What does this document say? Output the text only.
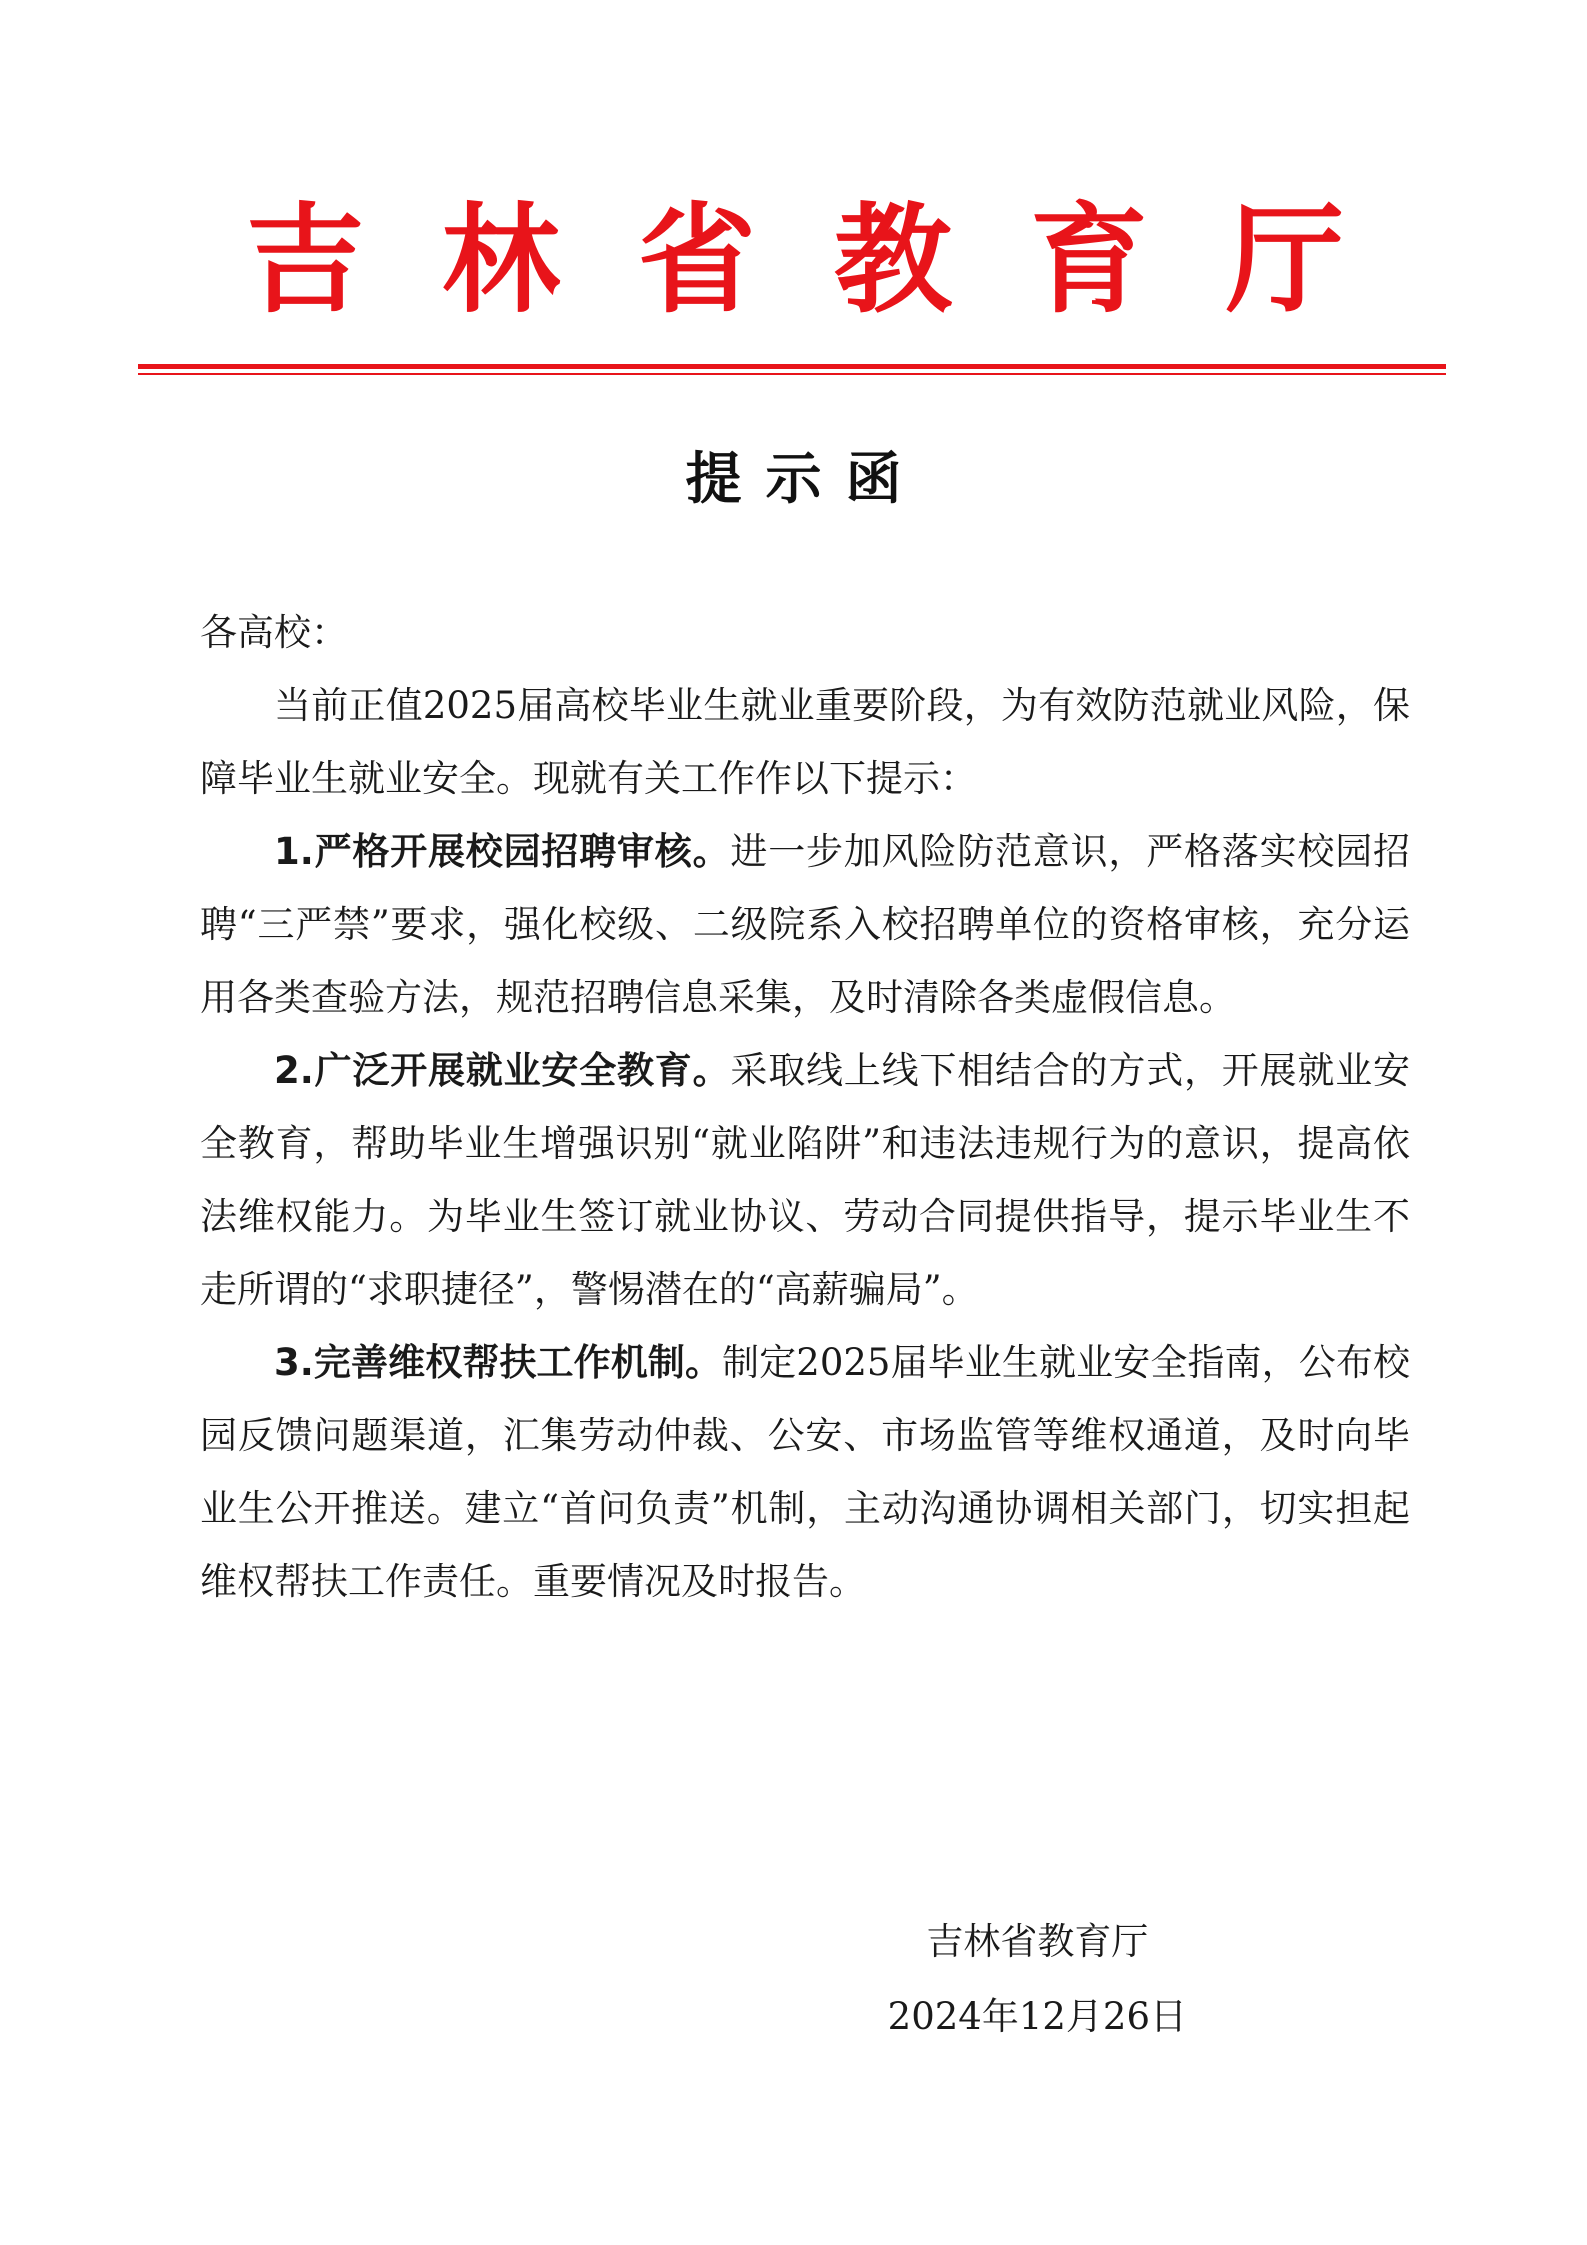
吉林省教育厅
提示函

各高校：

当前正值2025届高校毕业生就业重要阶段，为有效防范就业风险，保障毕业生就业安全。现就有关工作作以下提示：

1.严格开展校园招聘审核。进一步加风险防范意识，严格落实校园招聘“三严禁”要求，强化校级、二级院系入校招聘单位的资格审核，充分运用各类查验方法，规范招聘信息采集，及时清除各类虚假信息。

2.广泛开展就业安全教育。采取线上线下相结合的方式，开展就业安全教育，帮助毕业生增强识别“就业陷阱”和违法违规行为的意识，提高依法维权能力。为毕业生签订就业协议、劳动合同提供指导，提示毕业生不走所谓的“求职捷径”，警惕潜在的“高薪骗局”。

3.完善维权帮扶工作机制。制定2025届毕业生就业安全指南，公布校园反馈问题渠道，汇集劳动仲裁、公安、市场监管等维权通道，及时向毕业生公开推送。建立“首问负责”机制，主动沟通协调相关部门，切实担起维权帮扶工作责任。重要情况及时报告。

吉林省教育厅
2024年12月26日
